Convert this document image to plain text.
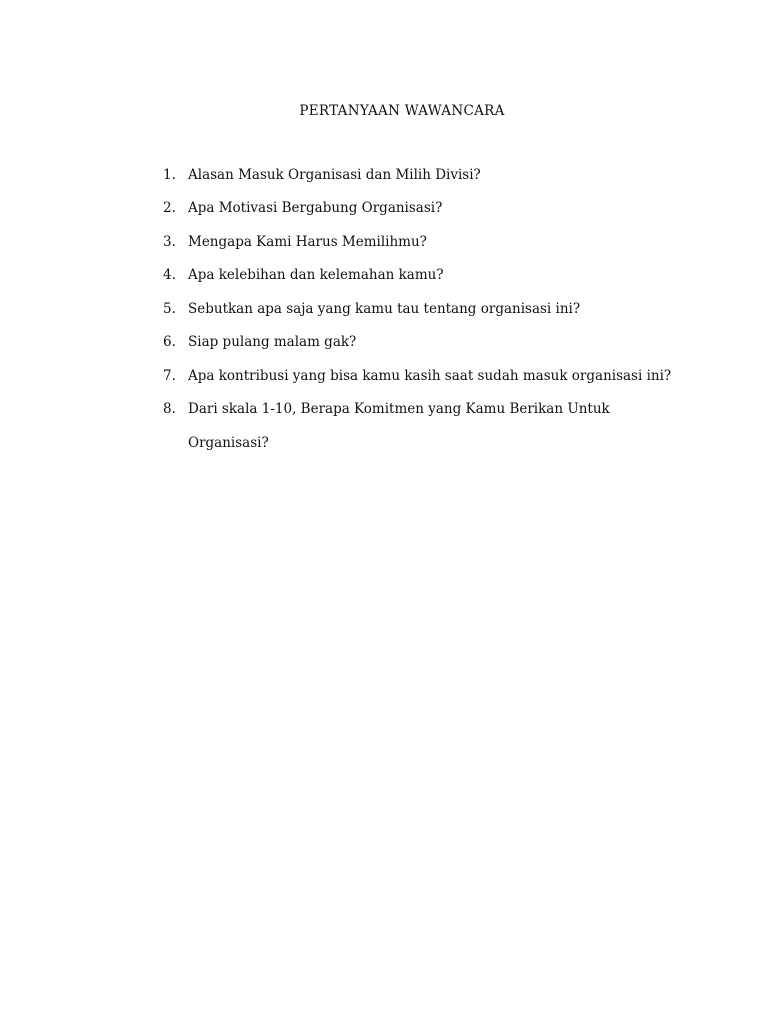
PERTANYAAN WAWANCARA
1. Alasan Masuk Organisasi dan Milih Divisi?
2. Apa Motivasi Bergabung Organisasi?
3. Mengapa Kami Harus Memilihmu?
4. Apa kelebihan dan kelemahan kamu?
5. Sebutkan apa saja yang kamu tau tentang organisasi ini?
6. Siap pulang malam gak?
7. Apa kontribusi yang bisa kamu kasih saat sudah masuk organisasi ini?
8. Dari skala 1-10, Berapa Komitmen yang Kamu Berikan Untuk Organisasi?
